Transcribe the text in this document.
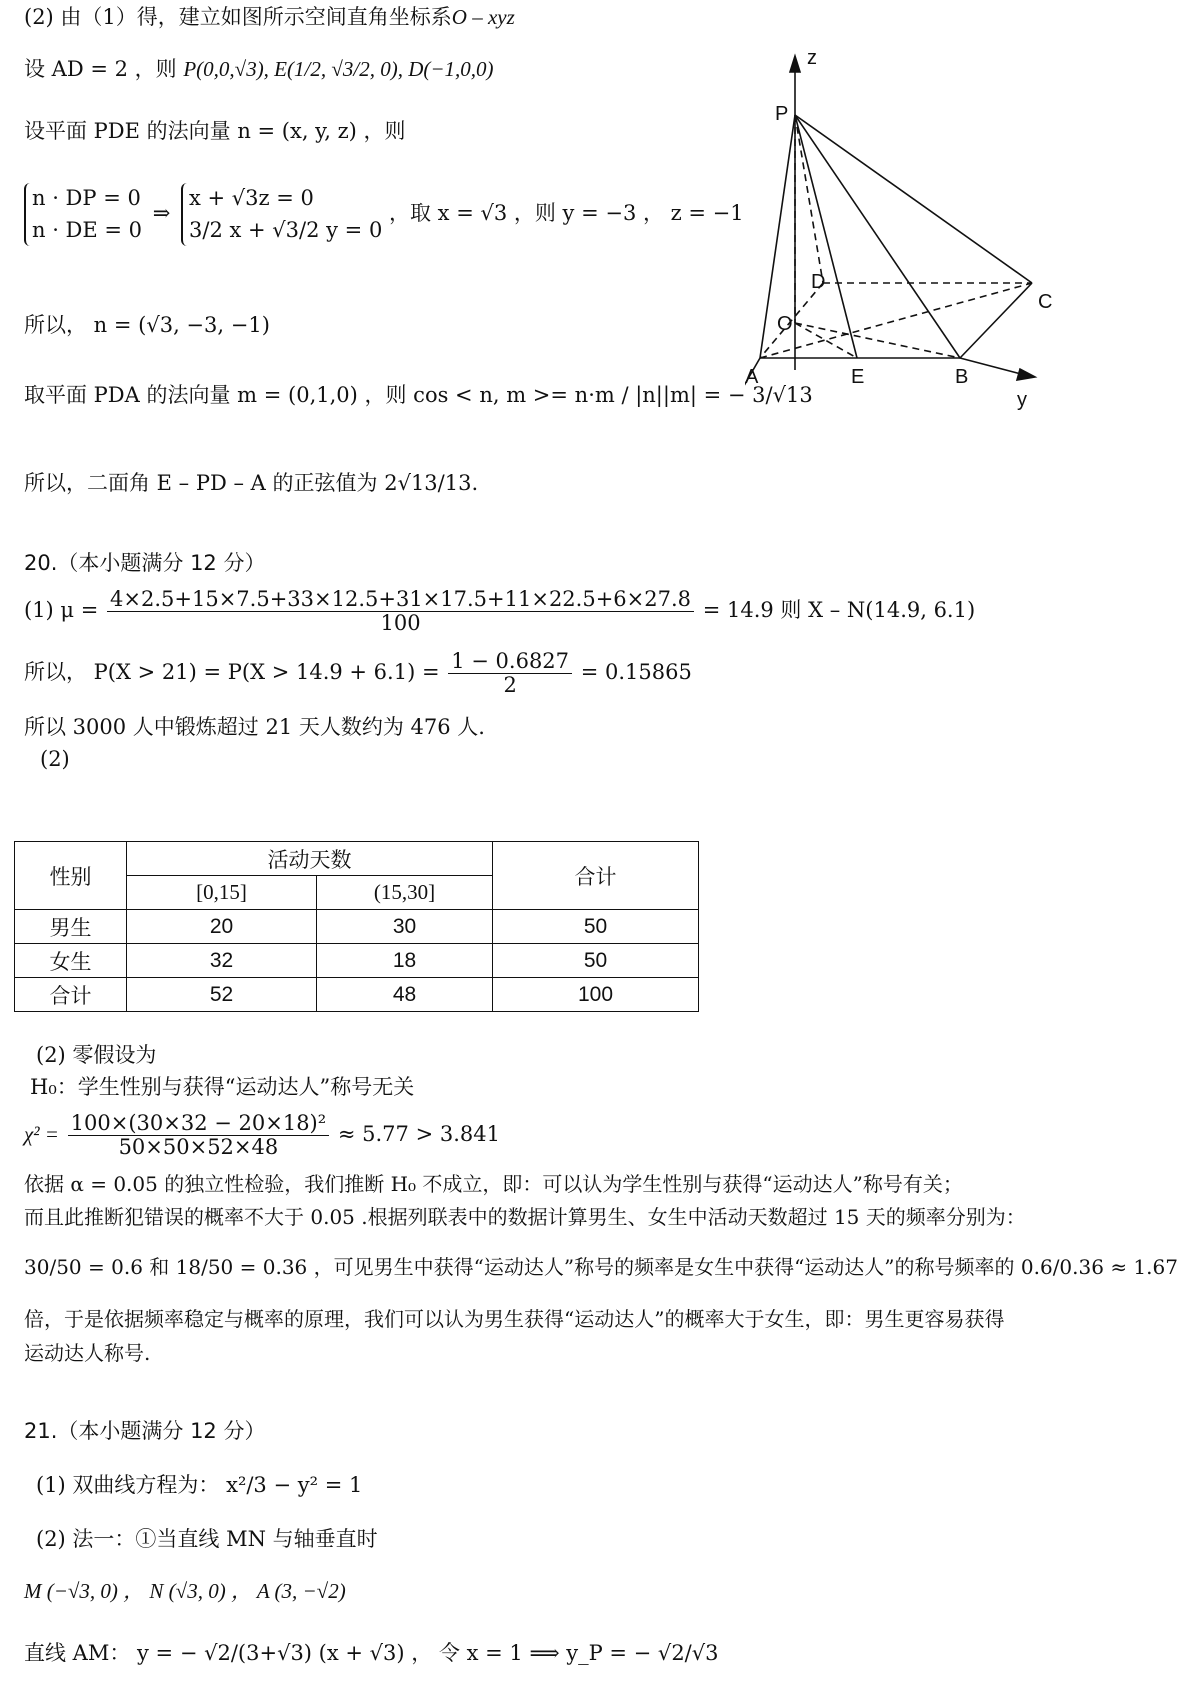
(2) 由（1）得，建立如图所示空间直角坐标系O – xyz
设 AD = 2 ，则 P(0,0,√3), E(1/2, √3/2, 0), D(−1,0,0)
设平面 PDE 的法向量 n = (x, y, z) ，则
n · DP = 0
n · DE = 0
⇒
x + √3z = 0
3/2 x + √3/2 y = 0
，取 x = √3 ，则 y = −3 ， z = −1
所以， n = (√3, −3, −1)
取平面 PDA 的法向量 m = (0,1,0) ，则 cos < n, m >= n·m / |n||m| = − 3/√13
所以，二面角 E – PD – A 的正弦值为 2√13/13.
z
P
D
C
O
A	E	B
y
20.（本小题满分 12 分）
(1) $\mu = \frac{4\times 2.5+15\times 7.5+33\times 12.5+31\times 17.5+11\times 22.5+6\times 27.8}{100} = 14.9$ 则 X – N(14.9, 6.1)
所以， $P(X > 21) = P(X > 14.9 + 6.1) = \frac{1 - 0.6827}{2} = 0.15865$
所以 3000 人中锻炼超过 21 天人数约为 476 人.
(2)
性别	活动天数		合计
	[0,15]	(15,30]	
男生	20	30	50
女生	32	18	50
合计	52	48	100
(2) 零假设为
H₀：学生性别与获得“运动达人”称号无关
$\chi^2 = \frac{\text{100×(30×32 − 20×18)²}}{50\times 50\times 52\times 48} \approx 5.77 > 3.841$
依据 α = 0.05 的独立性检验，我们推断 H₀ 不成立，即：可以认为学生性别与获得“运动达人”称号有关；
而且此推断犯错误的概率不大于 0.05 .根据列联表中的数据计算男生、女生中活动天数超过 15 天的频率分别为：
30/50 = 0.6 和 18/50 = 0.36 ，可见男生中获得“运动达人”称号的频率是女生中获得“运动达人”的称号频率的 0.6/0.36 ≈ 1.67
倍，于是依据频率稳定与概率的原理，我们可以认为男生获得“运动达人”的概率大于女生，即：男生更容易获得
运动达人称号.
21.（本小题满分 12 分）
(1) 双曲线方程为： x²/3 − y² = 1
(2) 法一：①当直线 MN 与轴垂直时
M (−√3, 0) ， N (√3, 0) ， A (3, −√2)
直线 AM： y = − √2/(3+√3) (x + √3) ， 令 x = 1 ⟹ y_P = − √2/√3
